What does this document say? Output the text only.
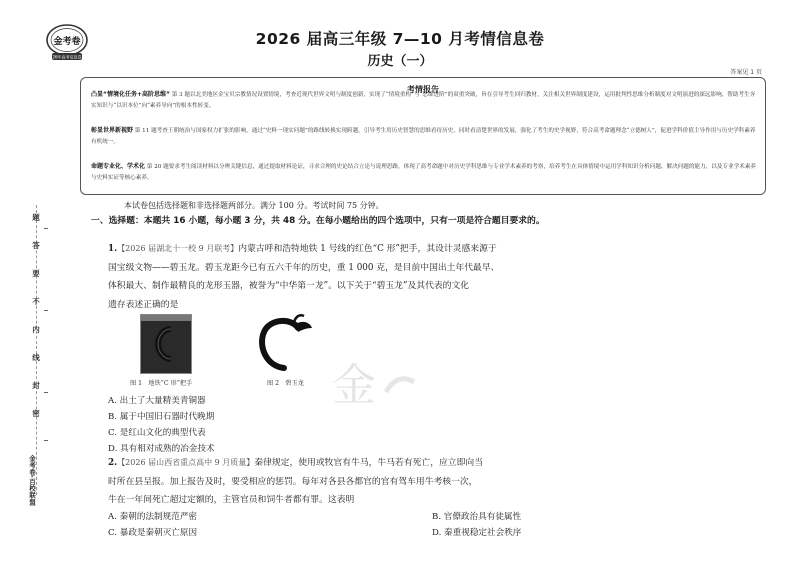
金考卷
26年高考信息卷
2026 届高三年级 7—10 月考情信息卷
历史（一）
答案见 1 页
考情报告
凸显“情境化任务+高阶思维” 第 3 题以北美地区金宝贝宗教情况设置情境，考查近现代世界文明与制度创新，实现了“情境重构”与“思维进阶”的双重突破，旨在引导考生回归教材，关注相关世界制度建设，运用批判性思维分析制度对文明演进的深远影响，帮助考生夯实知识与“以识本位”向“素养导向”的根本性转变。
彰显世界新视野 第 11 题考查王朝统治与国家权力扩张的影响，通过“史料一现实问题”的路线转换实现跨越，引导考生用历史智慧的思维看待历史，同时看清楚世界的发展，强化了考生的史学视野，符合高考命题理念“立德树人”，促进学科价值主导作用与历史学科素养有机统一。
命题专业化、学术化 第 20 题要求考生阅读材料以分辨关键信息，通过提取材料论证，寻求合理的史论结合立论与说理思路，体现了高考命题中对历史学科思维与专业学术素养的考察，培养考生在具体情境中运用学科知识分析问题、解决问题的能力，以及专业学术素养与史料实证等核心素养。
本试卷包括选择题和非选择题两部分。满分 100 分。考试时间 75 分钟。
一、选择题：本题共 16 小题，每小题 3 分，共 48 分。在每小题给出的四个选项中，只有一项是符合题目要求的。
1.【2026 届湖北十一校 9 月联考】内蒙古呼和浩特地铁 1 号线的红色“C 形”把手，其设计灵感来源于
国宝级文物——碧玉龙。碧玉龙距今已有五六千年的历史，重 1 000 克，是目前中国出土年代最早、
体积最大、制作最精良的龙形玉器，被誉为“中华第一龙”。以下关于“碧玉龙”及其代表的文化
遗存表述正确的是
图 1　地铁“C 形”把手	图 2　碧玉龙 金
A. 出土了大量精美青铜器
B. 属于中国旧石器时代晚期
C. 是红山文化的典型代表
D. 具有相对成熟的冶金技术
2.【2026 届山西省重点高中 9 月质量】秦律规定，使用或牧官有牛马，牛马若有死亡，应立即向当
时所在县呈报。加上报告及时，要受相应的惩罚。每年对各县各都官的官有驾车用牛考核一次，
牛在一年间死亡超过定额的，主管官员和饲牛者都有罪。这表明
A. 秦朝的法制规范严密	B. 官僚政治具有徒属性
C. 暴政是秦朝灭亡原因	D. 秦重视稳定社会秩序
题
答
要
不
内
线
封
密
金考卷·百校联盟
